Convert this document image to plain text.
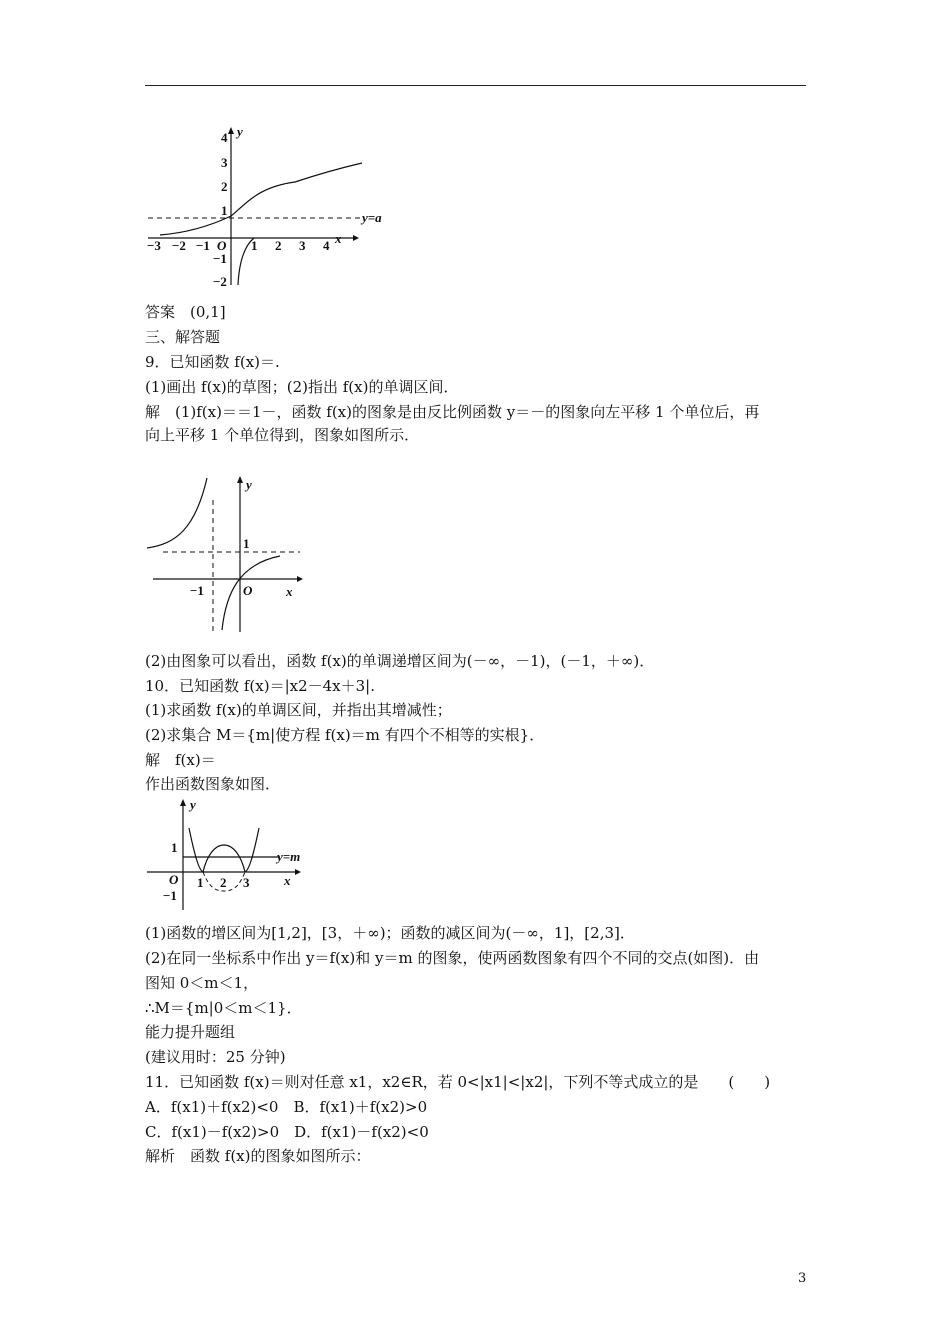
y
x
y=a
O
4
3
2
1
−1
−2
−3 −2 −1	1 2 3 4
答案　(0,1]
三、解答题
9．已知函数 f(x)＝.
(1)画出 f(x)的草图；(2)指出 f(x)的单调区间．
解　(1)f(x)＝＝1－，函数 f(x)的图象是由反比例函数 y＝－的图象向左平移 1 个单位后，再
向上平移 1 个单位得到，图象如图所示．
y
x
O
1
−1
(2)由图象可以看出，函数 f(x)的单调递增区间为(－∞，－1)，(－1，＋∞)．
10．已知函数 f(x)＝|x2－4x＋3|.
(1)求函数 f(x)的单调区间，并指出其增减性；
(2)求集合 M＝{m|使方程 f(x)＝m 有四个不相等的实根}．
解　f(x)＝
作出函数图象如图．
y
x
y=m
O
1
−1
1 2 3
(1)函数的增区间为[1,2]，[3，＋∞)；函数的减区间为(－∞，1]，[2,3]．
(2)在同一坐标系中作出 y＝f(x)和 y＝m 的图象，使两函数图象有四个不同的交点(如图)．由
图知 0＜m＜1，
∴M＝{m|0＜m＜1}．
能力提升题组
(建议用时：25 分钟)
11．已知函数 f(x)＝则对任意 x1，x2∈R，若 0<|x1|<|x2|，下列不等式成立的是　　(　　)
A．f(x1)＋f(x2)<0　B．f(x1)＋f(x2)>0
C．f(x1)－f(x2)>0　D．f(x1)－f(x2)<0
解析　函数 f(x)的图象如图所示：
3
